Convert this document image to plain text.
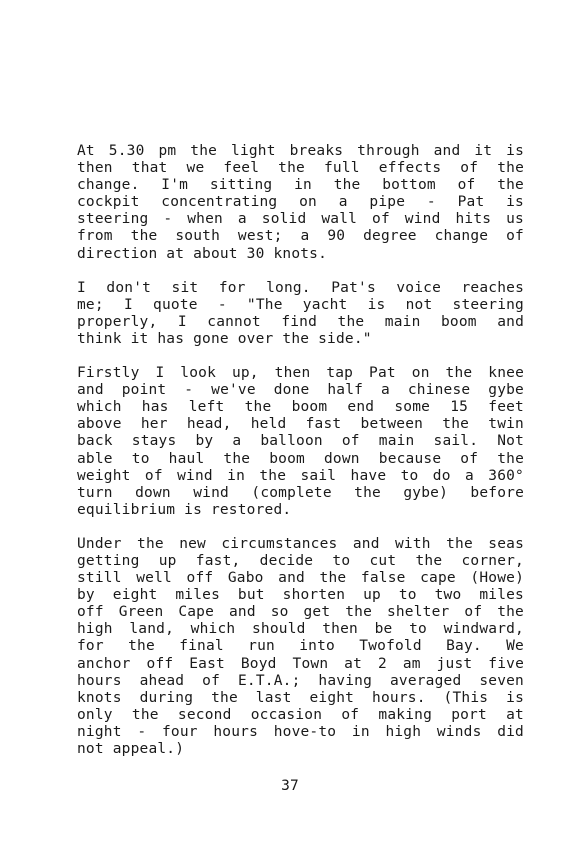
At 5.30 pm the light breaks through and it is
then that we feel the full effects of the
change. I'm sitting in the bottom of the
cockpit concentrating on a pipe - Pat is
steering - when a solid wall of wind hits us
from the south west; a 90 degree change of
direction at about 30 knots.
I don't sit for long. Pat's voice reaches
me; I quote - "The yacht is not steering
properly, I cannot find the main boom and
think it has gone over the side."
Firstly I look up, then tap Pat on the knee
and point - we've done half a chinese gybe
which has left the boom end some 15 feet
above her head, held fast between the twin
back stays by a balloon of main sail. Not
able to haul the boom down because of the
weight of wind in the sail have to do a 360°
turn down wind (complete the gybe) before
equilibrium is restored.
Under the new circumstances and with the seas
getting up fast, decide to cut the corner,
still well off Gabo and the false cape (Howe)
by eight miles but shorten up to two miles
off Green Cape and so get the shelter of the
high land, which should then be to windward,
for the final run into Twofold Bay. We
anchor off East Boyd Town at 2 am just five
hours ahead of E.T.A.; having averaged seven
knots during the last eight hours. (This is
only the second occasion of making port at
night - four hours hove-to in high winds did
not appeal.)
37
